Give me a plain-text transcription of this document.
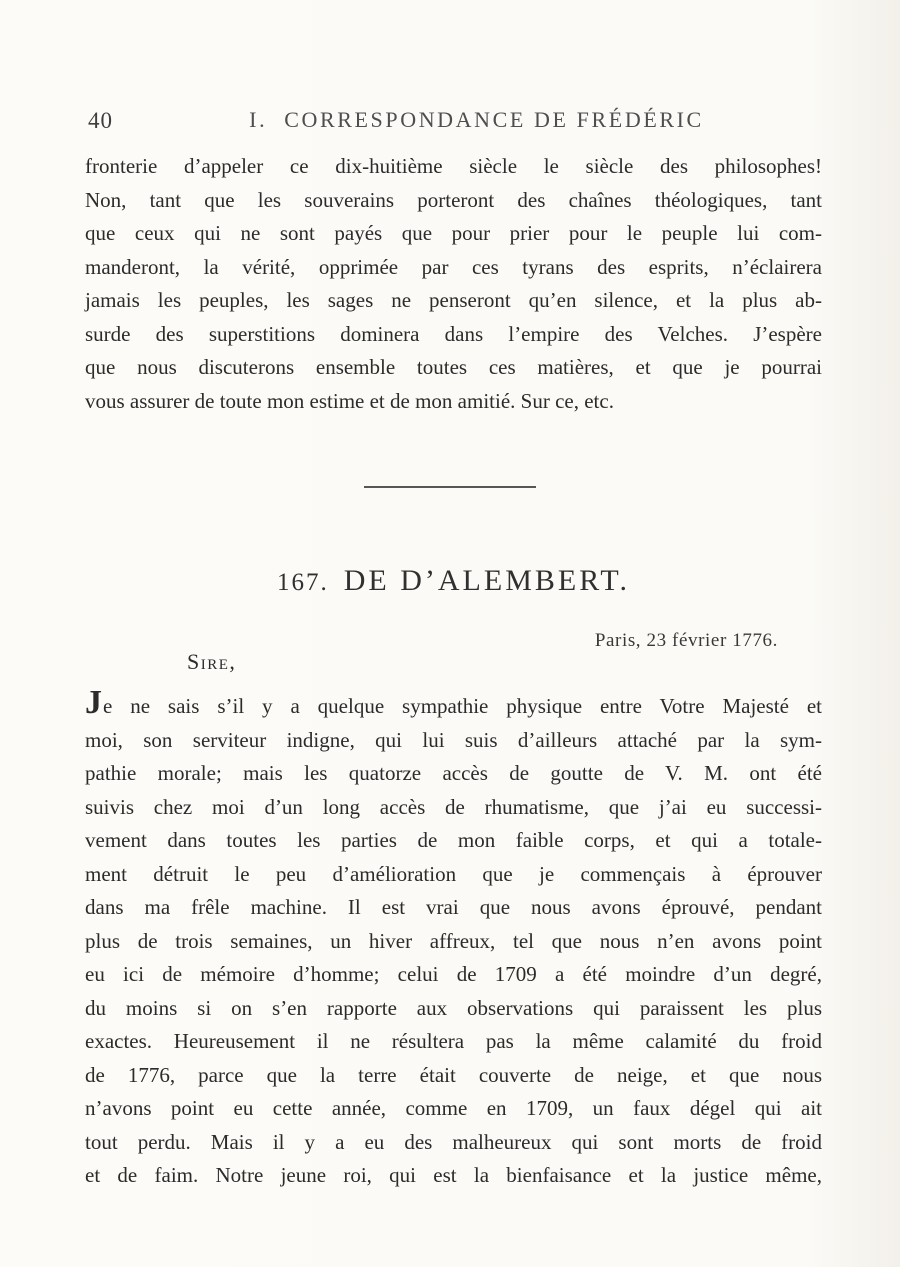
40	I. CORRESPONDANCE DE FRÉDÉRIC
fronterie d’appeler ce dix-huitième siècle le siècle des philosophes!
Non, tant que les souverains porteront des chaînes théologiques, tant
que ceux qui ne sont payés que pour prier pour le peuple lui com-
manderont, la vérité, opprimée par ces tyrans des esprits, n’éclairera
jamais les peuples, les sages ne penseront qu’en silence, et la plus ab-
surde des superstitions dominera dans l’empire des Velches. J’espère
que nous discuterons ensemble toutes ces matières, et que je pourrai
vous assurer de toute mon estime et de mon amitié. Sur ce, etc.
167. DE D’ALEMBERT.
Paris, 23 février 1776.
Sire,
Je ne sais s’il y a quelque sympathie physique entre Votre Majesté et
moi, son serviteur indigne, qui lui suis d’ailleurs attaché par la sym-
pathie morale; mais les quatorze accès de goutte de V. M. ont été
suivis chez moi d’un long accès de rhumatisme, que j’ai eu successi-
vement dans toutes les parties de mon faible corps, et qui a totale-
ment détruit le peu d’amélioration que je commençais à éprouver
dans ma frêle machine. Il est vrai que nous avons éprouvé, pendant
plus de trois semaines, un hiver affreux, tel que nous n’en avons point
eu ici de mémoire d’homme; celui de 1709 a été moindre d’un degré,
du moins si on s’en rapporte aux observations qui paraissent les plus
exactes. Heureusement il ne résultera pas la même calamité du froid
de 1776, parce que la terre était couverte de neige, et que nous
n’avons point eu cette année, comme en 1709, un faux dégel qui ait
tout perdu. Mais il y a eu des malheureux qui sont morts de froid
et de faim. Notre jeune roi, qui est la bienfaisance et la justice même,
